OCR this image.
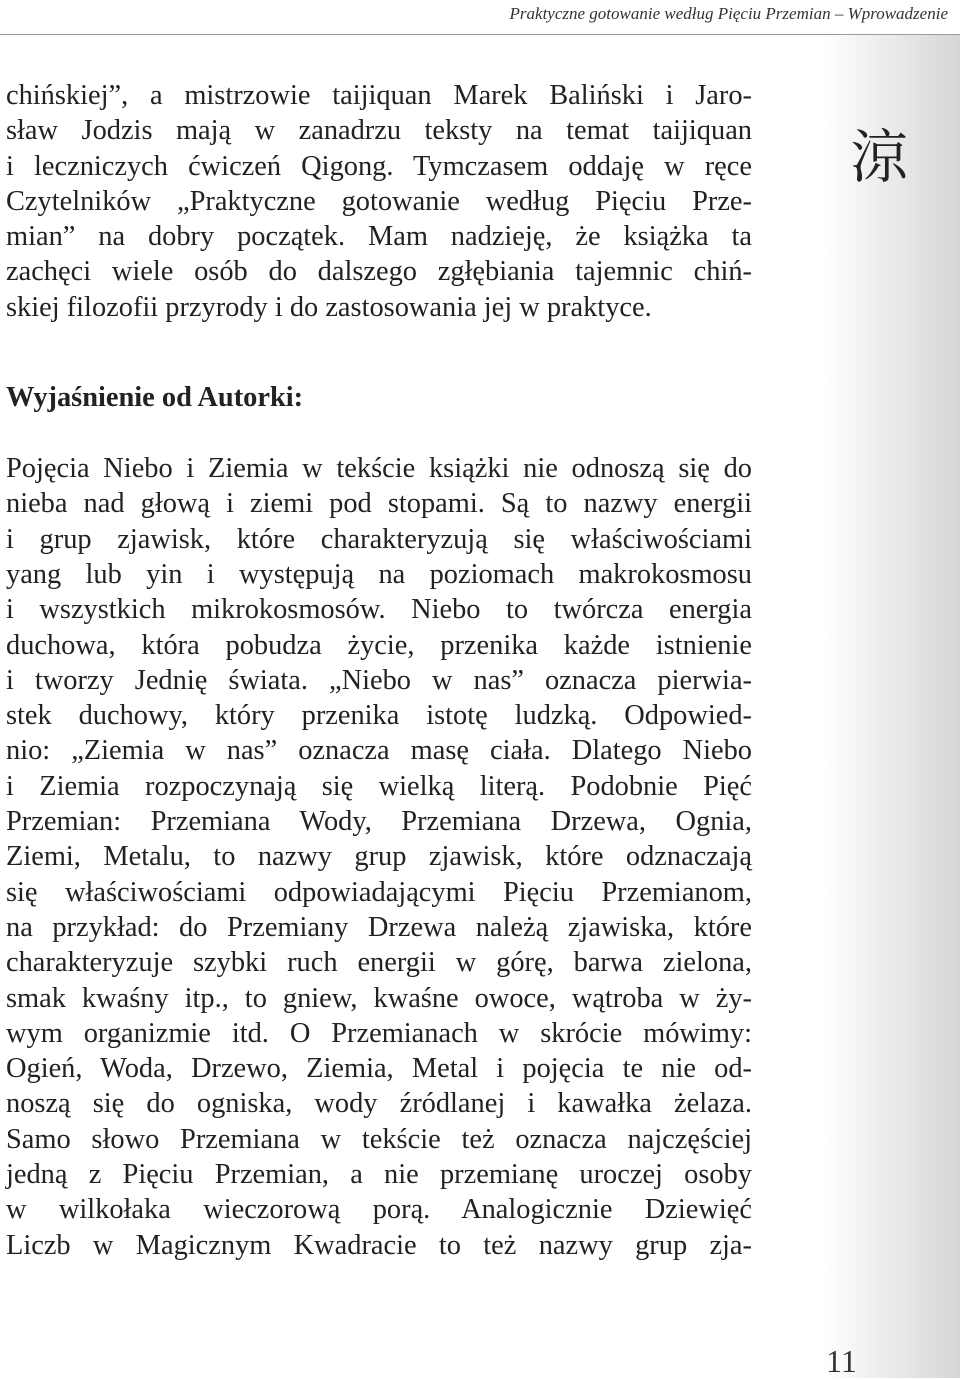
Praktyczne gotowanie według Pięciu Przemian – Wprowadzenie
涼
chińskiej”, a mistrzowie taijiquan Marek Baliński i Jaro-
sław Jodzis mają w zanadrzu teksty na temat taijiquan
i leczniczych ćwiczeń Qigong. Tymczasem oddaję w ręce
Czytelników „Praktyczne gotowanie według Pięciu Prze-
mian” na dobry początek. Mam nadzieję, że książka ta
zachęci wiele osób do dalszego zgłębiania tajemnic chiń-
skiej filozofii przyrody i do zastosowania jej w praktyce.
Wyjaśnienie od Autorki:
Pojęcia Niebo i Ziemia w tekście książki nie odnoszą się do
nieba nad głową i ziemi pod stopami. Są to nazwy energii
i grup zjawisk, które charakteryzują się właściwościami
yang lub yin i występują na poziomach makrokosmosu
i wszystkich mikrokosmosów. Niebo to twórcza energia
duchowa, która pobudza życie, przenika każde istnienie
i tworzy Jednię świata. „Niebo w nas” oznacza pierwia-
stek duchowy, który przenika istotę ludzką. Odpowied-
nio: „Ziemia w nas” oznacza masę ciała. Dlatego Niebo
i Ziemia rozpoczynają się wielką literą. Podobnie Pięć
Przemian: Przemiana Wody, Przemiana Drzewa, Ognia,
Ziemi, Metalu, to nazwy grup zjawisk, które odznaczają
się właściwościami odpowiadającymi Pięciu Przemianom,
na przykład: do Przemiany Drzewa należą zjawiska, które
charakteryzuje szybki ruch energii w górę, barwa zielona,
smak kwaśny itp., to gniew, kwaśne owoce, wątroba w ży-
wym organizmie itd. O Przemianach w skrócie mówimy:
Ogień, Woda, Drzewo, Ziemia, Metal i pojęcia te nie od-
noszą się do ogniska, wody źródlanej i kawałka żelaza.
Samo słowo Przemiana w tekście też oznacza najczęściej
jedną z Pięciu Przemian, a nie przemianę uroczej osoby
w wilkołaka wieczorową porą. Analogicznie Dziewięć
Liczb w Magicznym Kwadracie to też nazwy grup zja-
11
